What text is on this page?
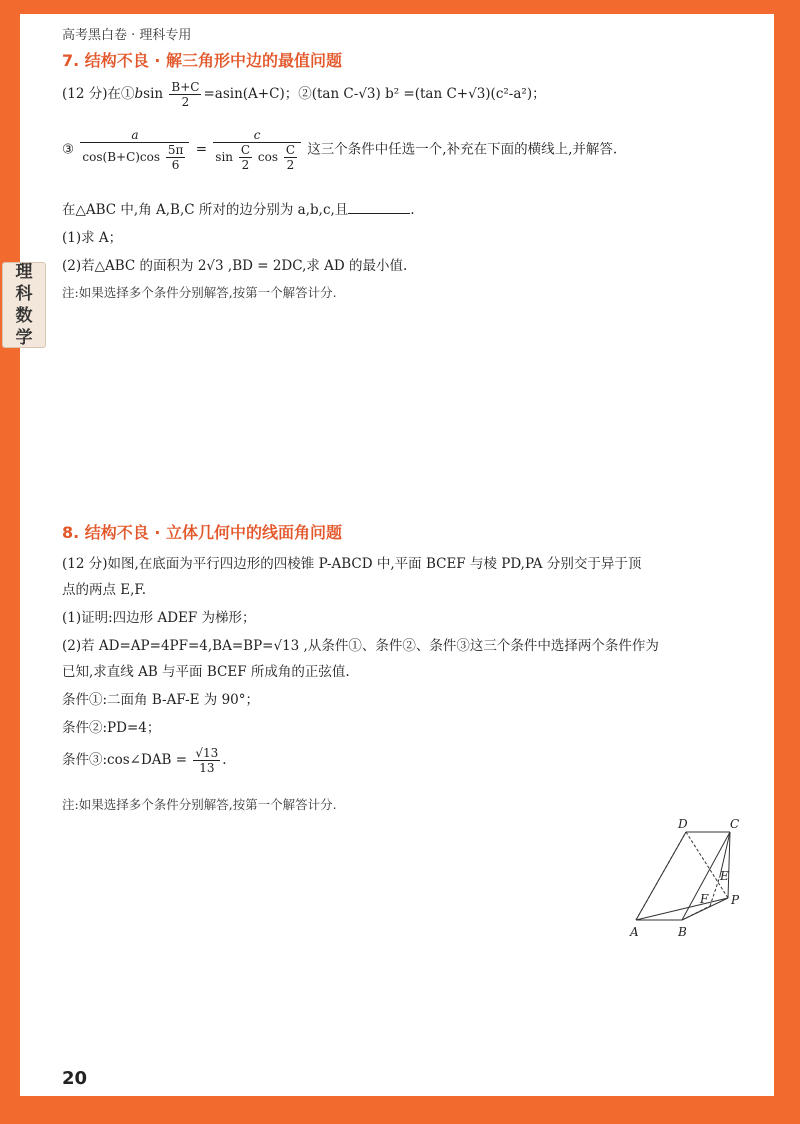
理
科
数
学
高考黑白卷 · 理科专用
7. 结构不良 · 解三角形中边的最值问题
(12 分)在①bsin $\frac{B+C}{2} =asin(A+C)$；②(tan C-√3) b² =(tan C+√3)(c²-a²)；
③ $\frac{a}{\cos(B+C)\cos \frac{5\pi}{6}}$ =
c
$\sin \frac{C}{2}$ $\cos \frac{C}{2}$ 这三个条件中任选一个,补充在下面的横线上,并解答.
在△ABC 中,角 A,B,C 所对的边分别为 a,b,c,且	.
(1)求 A；
(2)若△ABC 的面积为 2√3 ,BD = 2DC,求 AD 的最小值.
注:如果选择多个条件分别解答,按第一个解答计分.
8. 结构不良 · 立体几何中的线面角问题
(12 分)如图,在底面为平行四边形的四棱锥 P-ABCD 中,平面 BCEF 与棱 PD,PA 分别交于异于顶
点的两点 E,F.
(1)证明:四边形 ADEF 为梯形；
(2)若 AD=AP=4PF=4,BA=BP=√13 ,从条件①、条件②、条件③这三个条件中选择两个条件作为
已知,求直线 AB 与平面 BCEF 所成角的正弦值.
条件①:二面角 B-AF-E 为 90°；
条件②:PD=4；
条件③:cos∠DAB = $\frac{√13}{13}$ .
注:如果选择多个条件分别解答,按第一个解答计分.
D	C
E
F P
A	B
20
